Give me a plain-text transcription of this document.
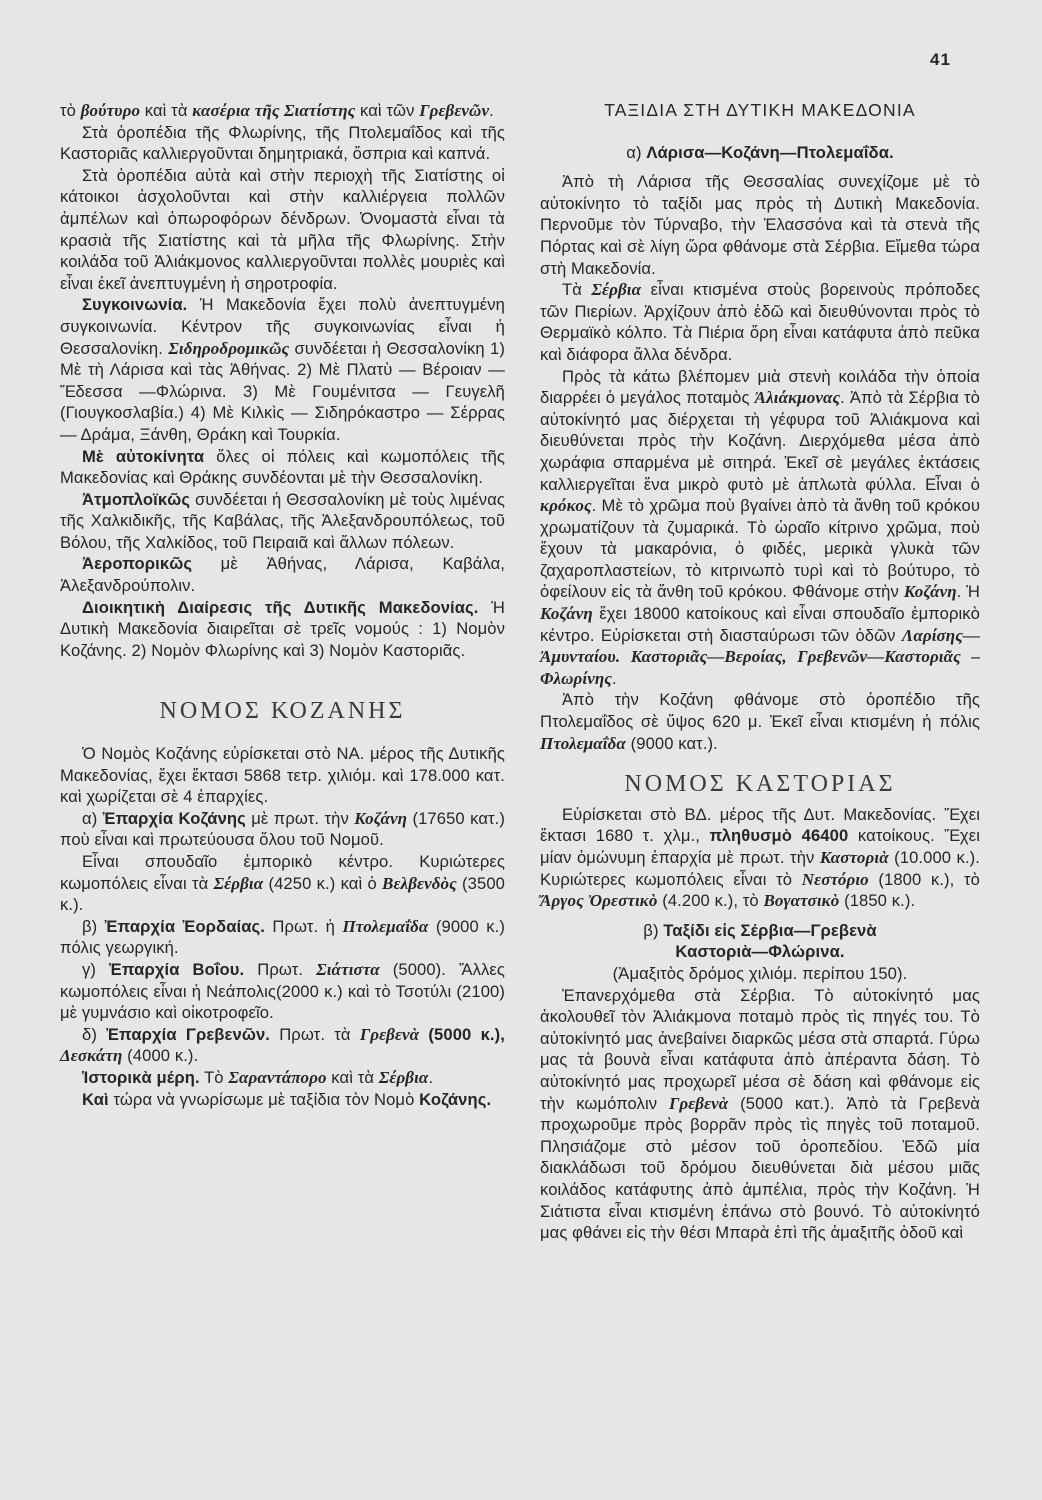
41

τὸ βούτυρο καὶ τὰ κασέρια τῆς Σιατίστης καὶ τῶν Γρεβενῶν.

Στὰ ὀροπέδια τῆς Φλωρίνης, τῆς Πτολεμαΐδος καὶ τῆς Καστοριᾶς καλλιεργοῦνται δημητριακά, ὄσπρια καὶ καπνά.

Στὰ ὀροπέδια αὐτὰ καὶ στὴν περιοχὴ τῆς Σιατίστης οἱ κάτοικοι ἀσχολοῦνται καὶ στὴν καλλιέργεια πολλῶν ἀμπέλων καὶ ὀπωροφόρων δένδρων. Ὀνομαστὰ εἶναι τὰ κρασιὰ τῆς Σιατίστης καὶ τὰ μῆλα τῆς Φλωρίνης. Στὴν κοιλάδα τοῦ Ἀλιάκμονος καλλιεργοῦνται πολλὲς μουριὲς καὶ εἶναι ἐκεῖ ἀνεπτυγμένη ἡ σηροτροφία.

Συγκοινωνία. Ἡ Μακεδονία ἔχει πολὺ ἀνεπτυγμένη συγκοινωνία. Κέντρον τῆς συγκοινωνίας εἶναι ἡ Θεσσαλονίκη. Σιδηροδρομικῶς συνδέεται ἡ Θεσσαλονίκη 1) Μὲ τὴ Λάρισα καὶ τὰς Ἀθήνας. 2) Μὲ Πλατὺ — Βέροιαν — Ἔδεσσα —Φλώρινα. 3) Μὲ Γουμένιτσα — Γευγελῆ (Γιουγκοσλαβία.) 4) Μὲ Κιλκὶς — Σιδηρόκαστρο — Σέρρας — Δράμα, Ξάνθη, Θράκη καὶ Τουρκία.

Μὲ αὐτοκίνητα ὅλες οἱ πόλεις καὶ κωμοπόλεις τῆς Μακεδονίας καὶ Θράκης συνδέονται μὲ τὴν Θεσσαλονίκη.

Ἀτμοπλοϊκῶς συνδέεται ἡ Θεσσαλονίκη μὲ τοὺς λιμένας τῆς Χαλκιδικῆς, τῆς Καβάλας, τῆς Ἀλεξανδρουπόλεως, τοῦ Βόλου, τῆς Χαλκίδος, τοῦ Πειραιᾶ καὶ ἄλλων πόλεων.

Ἀεροπορικῶς μὲ Ἀθήνας, Λάρισα, Καβάλα, Ἀλεξανδρούπολιν.

Διοικητικὴ Διαίρεσις τῆς Δυτικῆς Μακεδονίας. Ἡ Δυτικὴ Μακεδονία διαιρεῖται σὲ τρεῖς νομούς : 1) Νομὸν Κοζάνης. 2) Νομὸν Φλωρίνης καὶ 3) Νομὸν Καστοριᾶς.

ΝΟΜΟΣ ΚΟΖΑΝΗΣ

Ὁ Νομὸς Κοζάνης εὑρίσκεται στὸ ΝΑ. μέρος τῆς Δυτικῆς Μακεδονίας, ἔχει ἔκτασι 5868 τετρ. χιλιόμ. καὶ 178.000 κατ. καὶ χωρίζεται σὲ 4 ἐπαρχίες.

α) Ἐπαρχία Κοζάνης μὲ πρωτ. τὴν Κοζάνη (17650 κατ.) ποὺ εἶναι καὶ πρωτεύουσα ὅλου τοῦ Νομοῦ.

Εἶναι σπουδαῖο ἐμπορικὸ κέντρο. Κυριώτερες κωμοπόλεις εἶναι τὰ Σέρβια (4250 κ.) καὶ ὁ Βελβενδὸς (3500 κ.).

β) Ἐπαρχία Ἐορδαίας. Πρωτ. ἡ Πτολεμαΐδα (9000 κ.) πόλις γεωργική.

γ) Ἐπαρχία Βοΐου. Πρωτ. Σιάτιστα (5000). Ἄλλες κωμοπόλεις εἶναι ἡ Νεάπολις(2000 κ.) καὶ τὸ Τσοτύλι (2100) μὲ γυμνάσιο καὶ οἰκοτροφεῖο.

δ) Ἐπαρχία Γρεβενῶν. Πρωτ. τὰ Γρεβενὰ (5000 κ.), Δεσκάτη (4000 κ.).

Ἱστορικὰ μέρη. Τὸ Σαραντάπορο καὶ τὰ Σέρβια.

Καὶ τώρα νὰ γνωρίσωμε μὲ ταξίδια τὸν Νομὸ Κοζάνης.

ΤΑΞΙΔΙΑ ΣΤΗ ΔΥΤΙΚΗ ΜΑΚΕΔΟΝΙΑ

α) Λάρισα—Κοζάνη—Πτολεμαΐδα.

Ἀπὸ τὴ Λάρισα τῆς Θεσσαλίας συνεχίζομε μὲ τὸ αὐτοκίνητο τὸ ταξίδι μας πρὸς τὴ Δυτικὴ Μακεδονία. Περνοῦμε τὸν Τύρναβο, τὴν Ἐλασσόνα καὶ τὰ στενὰ τῆς Πόρτας καὶ σὲ λίγη ὥρα φθάνομε στὰ Σέρβια. Εἴμεθα τώρα στὴ Μακεδονία.

Τὰ Σέρβια εἶναι κτισμένα στοὺς βορεινοὺς πρόποδες τῶν Πιερίων. Ἀρχίζουν ἀπὸ ἐδῶ καὶ διευθύνονται πρὸς τὸ Θερμαϊκὸ κόλπο. Τὰ Πιέρια ὄρη εἶναι κατάφυτα ἀπὸ πεῦκα καὶ διάφορα ἄλλα δένδρα.

Πρὸς τὰ κάτω βλέπομεν μιὰ στενὴ κοιλάδα τὴν ὁποία διαρρέει ὁ μεγάλος ποταμὸς Ἀλιάκμονας. Ἀπὸ τὰ Σέρβια τὸ αὐτοκίνητό μας διέρχεται τὴ γέφυρα τοῦ Ἀλιάκμονα καὶ διευθύνεται πρὸς τὴν Κοζάνη. Διερχόμεθα μέσα ἀπὸ χωράφια σπαρμένα μὲ σιτηρά. Ἐκεῖ σὲ μεγάλες ἐκτάσεις καλλιεργεῖται ἕνα μικρὸ φυτὸ μὲ ἁπλωτὰ φύλλα. Εἶναι ὁ κρόκος. Μὲ τὸ χρῶμα ποὺ βγαίνει ἀπὸ τὰ ἄνθη τοῦ κρόκου χρωματίζουν τὰ ζυμαρικά. Τὸ ὡραῖο κίτρινο χρῶμα, ποὺ ἔχουν τὰ μακαρόνια, ὁ φιδές, μερικὰ γλυκὰ τῶν ζαχαροπλαστείων, τὸ κιτρινωπὸ τυρὶ καὶ τὸ βούτυρο, τὸ ὀφείλουν εἰς τὰ ἄνθη τοῦ κρόκου. Φθάνομε στὴν Κοζάνη. Ἡ Κοζάνη ἔχει 18000 κατοίκους καὶ εἶναι σπουδαῖο ἐμπορικὸ κέντρο. Εὑρίσκεται στὴ διασταύρωσι τῶν ὁδῶν Λαρίσης—Ἀμυνταίου. Καστοριᾶς—Βεροίας, Γρεβενῶν—Καστοριᾶς – Φλωρίνης.

Ἀπὸ τὴν Κοζάνη φθάνομε στὸ ὀροπέδιο τῆς Πτολεμαΐδος σὲ ὕψος 620 μ. Ἐκεῖ εἶναι κτισμένη ἡ πόλις Πτολεμαΐδα (9000 κατ.).

ΝΟΜΟΣ ΚΑΣΤΟΡΙΑΣ

Εὑρίσκεται στὸ ΒΔ. μέρος τῆς Δυτ. Μακεδονίας. Ἔχει ἔκτασι 1680 τ. χλμ., πληθυσμὸ 46400 κατοίκους. Ἔχει μίαν ὁμώνυμη ἐπαρχία μὲ πρωτ. τὴν Καστοριὰ (10.000 κ.). Κυριώτερες κωμοπόλεις εἶναι τὸ Νεστόριο (1800 κ.), τὸ Ἄργος Ὀρεστικὸ (4.200 κ.), τὸ Βογατσικὸ (1850 κ.).

β) Ταξίδι εἰς Σέρβια—Γρεβενὰ

Καστοριὰ—Φλώρινα.

(Ἁμαξιτὸς δρόμος χιλιόμ. περίπου 150).

Ἐπανερχόμεθα στὰ Σέρβια. Τὸ αὐτοκίνητό μας ἀκολουθεῖ τὸν Ἀλιάκμονα ποταμὸ πρὸς τὶς πηγές του. Τὸ αὐτοκίνητό μας ἀνεβαίνει διαρκῶς μέσα στὰ σπαρτά. Γύρω μας τὰ βουνὰ εἶναι κατάφυτα ἀπὸ ἀπέραντα δάση. Τὸ αὐτοκίνητό μας προχωρεῖ μέσα σὲ δάση καὶ φθάνομε εἰς τὴν κωμόπολιν Γρεβενὰ (5000 κατ.). Ἀπὸ τὰ Γρεβενὰ προχωροῦμε πρὸς βορρᾶν πρὸς τὶς πηγὲς τοῦ ποταμοῦ. Πλησιάζομε στὸ μέσον τοῦ ὀροπεδίου. Ἐδῶ μία διακλάδωσι τοῦ δρόμου διευθύνεται διὰ μέσου μιᾶς κοιλάδος κατάφυτης ἀπὸ ἀμπέλια, πρὸς τὴν Κοζάνη. Ἡ Σιάτιστα εἶναι κτισμένη ἐπάνω στὸ βουνό. Τὸ αὐτοκίνητό μας φθάνει εἰς τὴν θέσι Μπαρὰ ἐπὶ τῆς ἁμαξιτῆς ὁδοῦ καὶ
